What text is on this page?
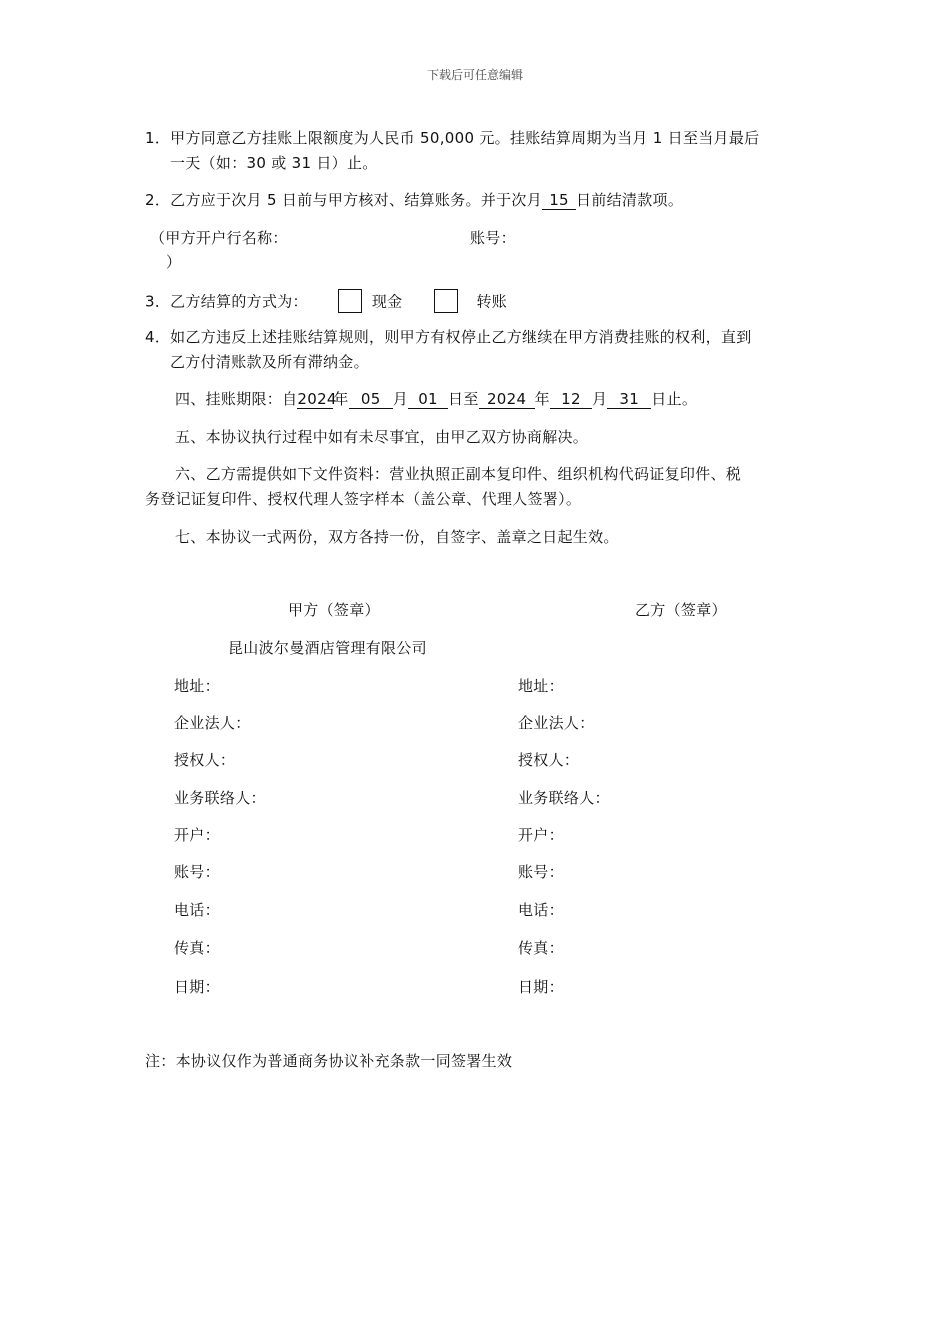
下载后可任意编辑
1．甲方同意乙方挂账上限额度为人民币 50,000 元。挂账结算周期为当月 1 日至当月最后
一天（如：30 或 31 日）止。
2．乙方应于次月 5 日前与甲方核对、结算账务。并于次月 15 日前结清款项。
（甲方开户行名称：	账号：
）
3．乙方结算的方式为：	现金	转账
4．如乙方违反上述挂账结算规则，则甲方有权停止乙方继续在甲方消费挂账的权利，直到
乙方付清账款及所有滞纳金。
四、挂账期限：自2024年 05 月 01 日至 2024 年 12 月 31 日止。
五、本协议执行过程中如有未尽事宜，由甲乙双方协商解决。
六、乙方需提供如下文件资料：营业执照正副本复印件、组织机构代码证复印件、税
务登记证复印件、授权代理人签字样本（盖公章、代理人签署）。
七、本协议一式两份，双方各持一份，自签字、盖章之日起生效。
甲方（签章）	乙方（签章）
昆山波尔曼酒店管理有限公司
地址：	地址：
企业法人：	企业法人：
授权人：	授权人：
业务联络人：	业务联络人：
开户：	开户：
账号：	账号：
电话：	电话：
传真：	传真：
日期：	日期：
注：本协议仅作为普通商务协议补充条款一同签署生效
